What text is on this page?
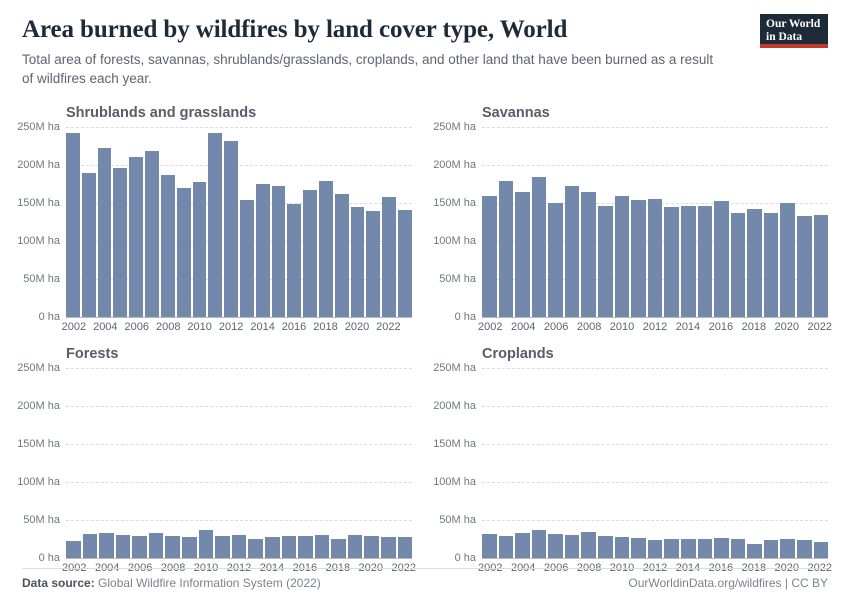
Area burned by wildfires by land cover type, World

Total area of forests, savannas, shrublands/grasslands, croplands, and other land that have been burned as a result of wildfires each year.

Our World
in Data
Shrublands and grasslands
250M ha
200M ha
150M ha
100M ha
50M ha
0 ha
2002 2004 2006 2008 2010 2012 2014 2016 2018 2020 2022
Savannas
250M ha
200M ha
150M ha
100M ha
50M ha
0 ha
2002 2004 2006 2008 2010 2012 2014 2016 2018 2020 2022
Forests
250M ha
200M ha
150M ha
100M ha
50M ha
0 ha
2002 2004 2006 2008 2010 2012 2014 2016 2018 2020 2022
Croplands
250M ha
200M ha
150M ha
100M ha
50M ha
0 ha
2002 2004 2006 2008 2010 2012 2014 2016 2018 2020 2022
Data source: Global Wildfire Information System (2022)	OurWorldinData.org/wildfires | CC BY
